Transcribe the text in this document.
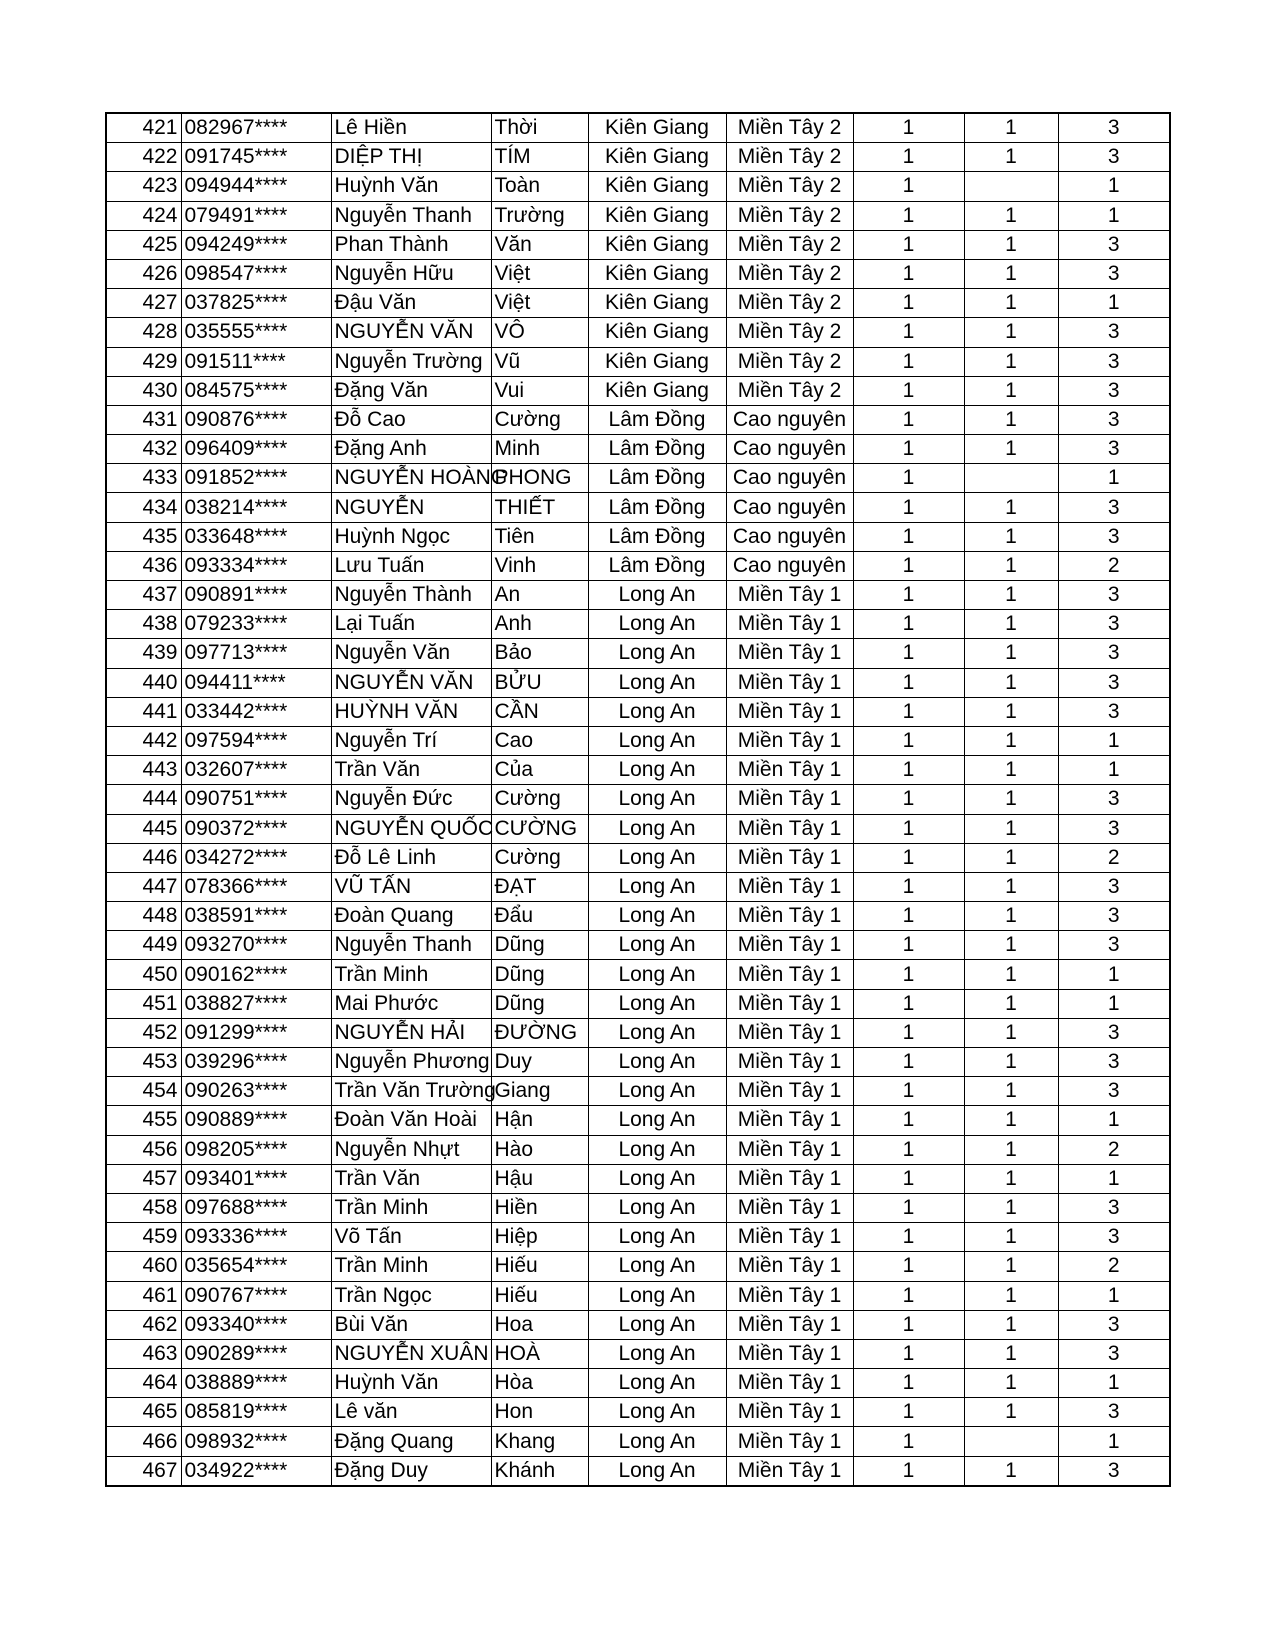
421	082967****	Lê Hiền	Thời	Kiên Giang	Miền Tây 2	1	1	3
422	091745****	DIỆP THỊ	TÍM	Kiên Giang	Miền Tây 2	1	1	3
423	094944****	Huỳnh Văn	Toàn	Kiên Giang	Miền Tây 2	1		1
424	079491****	Nguyễn Thanh	Trường	Kiên Giang	Miền Tây 2	1	1	1
425	094249****	Phan Thành	Văn	Kiên Giang	Miền Tây 2	1	1	3
426	098547****	Nguyễn Hữu	Việt	Kiên Giang	Miền Tây 2	1	1	3
427	037825****	Đậu Văn	Việt	Kiên Giang	Miền Tây 2	1	1	1
428	035555****	NGUYỄN VĂN	VÔ	Kiên Giang	Miền Tây 2	1	1	3
429	091511****	Nguyễn Trường	Vũ	Kiên Giang	Miền Tây 2	1	1	3
430	084575****	Đặng Văn	Vui	Kiên Giang	Miền Tây 2	1	1	3
431	090876****	Đỗ Cao	Cường	Lâm Đồng	Cao nguyên	1	1	3
432	096409****	Đặng Anh	Minh	Lâm Đồng	Cao nguyên	1	1	3
433	091852****	NGUYỄN HOÀNG	PHONG	Lâm Đồng	Cao nguyên	1		1
434	038214****	NGUYỄN	THIẾT	Lâm Đồng	Cao nguyên	1	1	3
435	033648****	Huỳnh Ngọc	Tiên	Lâm Đồng	Cao nguyên	1	1	3
436	093334****	Lưu Tuấn	Vinh	Lâm Đồng	Cao nguyên	1	1	2
437	090891****	Nguyễn Thành	An	Long An	Miền Tây 1	1	1	3
438	079233****	Lại Tuấn	Anh	Long An	Miền Tây 1	1	1	3
439	097713****	Nguyễn Văn	Bảo	Long An	Miền Tây 1	1	1	3
440	094411****	NGUYỄN VĂN	BỬU	Long An	Miền Tây 1	1	1	3
441	033442****	HUỲNH VĂN	CẦN	Long An	Miền Tây 1	1	1	3
442	097594****	Nguyễn Trí	Cao	Long An	Miền Tây 1	1	1	1
443	032607****	Trần Văn	Của	Long An	Miền Tây 1	1	1	1
444	090751****	Nguyễn Đức	Cường	Long An	Miền Tây 1	1	1	3
445	090372****	NGUYỄN QUỐC	CƯỜNG	Long An	Miền Tây 1	1	1	3
446	034272****	Đỗ Lê Linh	Cường	Long An	Miền Tây 1	1	1	2
447	078366****	VŨ TẤN	ĐẠT	Long An	Miền Tây 1	1	1	3
448	038591****	Đoàn Quang	Đẩu	Long An	Miền Tây 1	1	1	3
449	093270****	Nguyễn Thanh	Dũng	Long An	Miền Tây 1	1	1	3
450	090162****	Trần Minh	Dũng	Long An	Miền Tây 1	1	1	1
451	038827****	Mai Phước	Dũng	Long An	Miền Tây 1	1	1	1
452	091299****	NGUYỄN HẢI	ĐƯỜNG	Long An	Miền Tây 1	1	1	3
453	039296****	Nguyễn Phương	Duy	Long An	Miền Tây 1	1	1	3
454	090263****	Trần Văn Trường	Giang	Long An	Miền Tây 1	1	1	3
455	090889****	Đoàn Văn Hoài	Hận	Long An	Miền Tây 1	1	1	1
456	098205****	Nguyễn Nhựt	Hào	Long An	Miền Tây 1	1	1	2
457	093401****	Trần Văn	Hậu	Long An	Miền Tây 1	1	1	1
458	097688****	Trần Minh	Hiền	Long An	Miền Tây 1	1	1	3
459	093336****	Võ Tấn	Hiệp	Long An	Miền Tây 1	1	1	3
460	035654****	Trần Minh	Hiếu	Long An	Miền Tây 1	1	1	2
461	090767****	Trần Ngọc	Hiếu	Long An	Miền Tây 1	1	1	1
462	093340****	Bùi Văn	Hoa	Long An	Miền Tây 1	1	1	3
463	090289****	NGUYỄN XUÂN	HOÀ	Long An	Miền Tây 1	1	1	3
464	038889****	Huỳnh Văn	Hòa	Long An	Miền Tây 1	1	1	1
465	085819****	Lê văn	Hon	Long An	Miền Tây 1	1	1	3
466	098932****	Đặng Quang	Khang	Long An	Miền Tây 1	1		1
467	034922****	Đặng Duy	Khánh	Long An	Miền Tây 1	1	1	3
